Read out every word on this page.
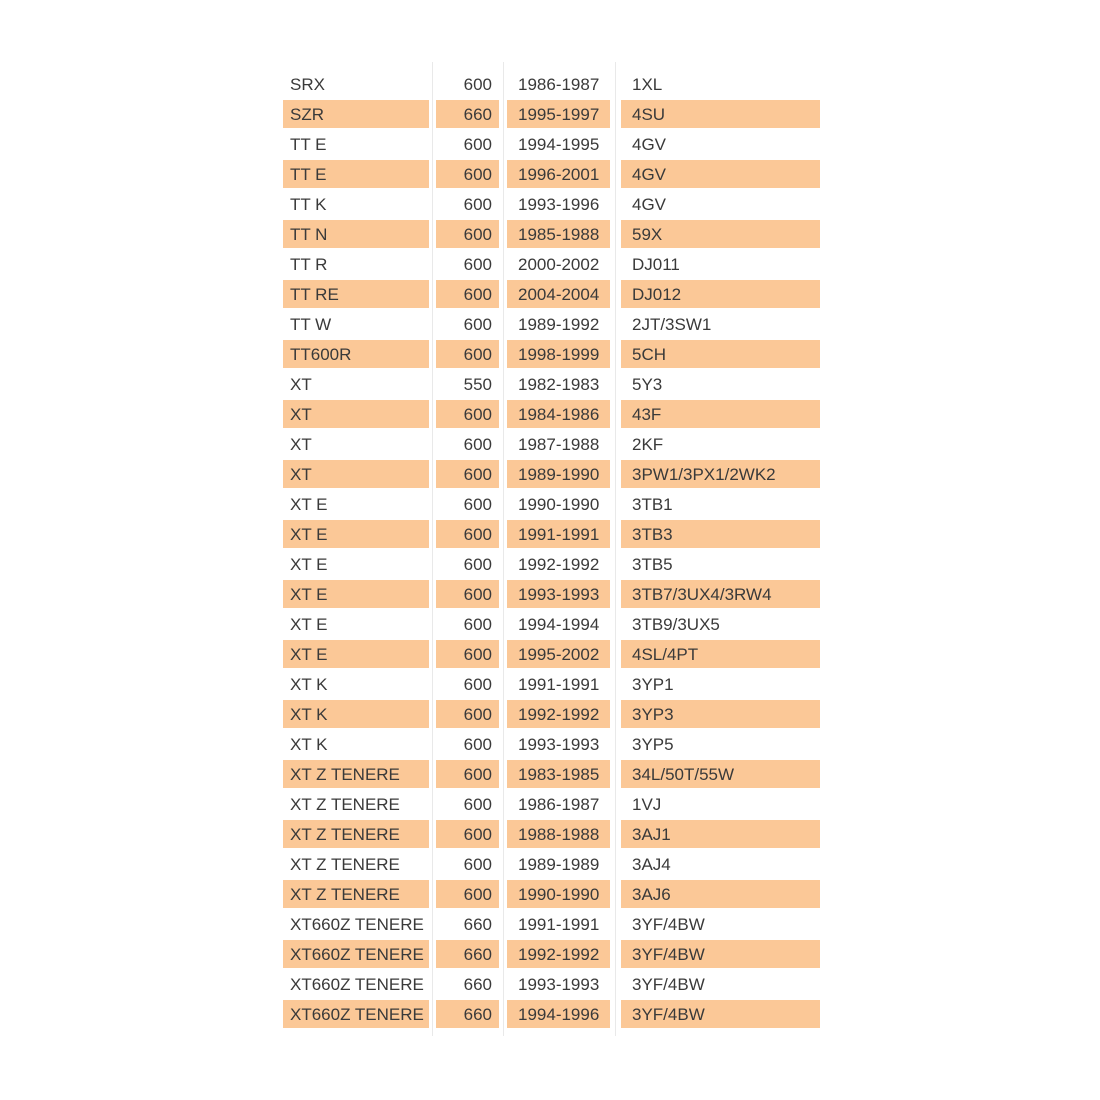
SRX	600	1986-1987	1XL
SZR	660	1995-1997	4SU
TT E	600	1994-1995	4GV
TT E	600	1996-2001	4GV
TT K	600	1993-1996	4GV
TT N	600	1985-1988	59X
TT R	600	2000-2002	DJ011
TT RE	600	2004-2004	DJ012
TT W	600	1989-1992	2JT/3SW1
TT600R	600	1998-1999	5CH
XT	550	1982-1983	5Y3
XT	600	1984-1986	43F
XT	600	1987-1988	2KF
XT	600	1989-1990	3PW1/3PX1/2WK2
XT E	600	1990-1990	3TB1
XT E	600	1991-1991	3TB3
XT E	600	1992-1992	3TB5
XT E	600	1993-1993	3TB7/3UX4/3RW4
XT E	600	1994-1994	3TB9/3UX5
XT E	600	1995-2002	4SL/4PT
XT K	600	1991-1991	3YP1
XT K	600	1992-1992	3YP3
XT K	600	1993-1993	3YP5
XT Z TENERE	600	1983-1985	34L/50T/55W
XT Z TENERE	600	1986-1987	1VJ
XT Z TENERE	600	1988-1988	3AJ1
XT Z TENERE	600	1989-1989	3AJ4
XT Z TENERE	600	1990-1990	3AJ6
XT660Z TENERE	660	1991-1991	3YF/4BW
XT660Z TENERE	660	1992-1992	3YF/4BW
XT660Z TENERE	660	1993-1993	3YF/4BW
XT660Z TENERE	660	1994-1996	3YF/4BW
